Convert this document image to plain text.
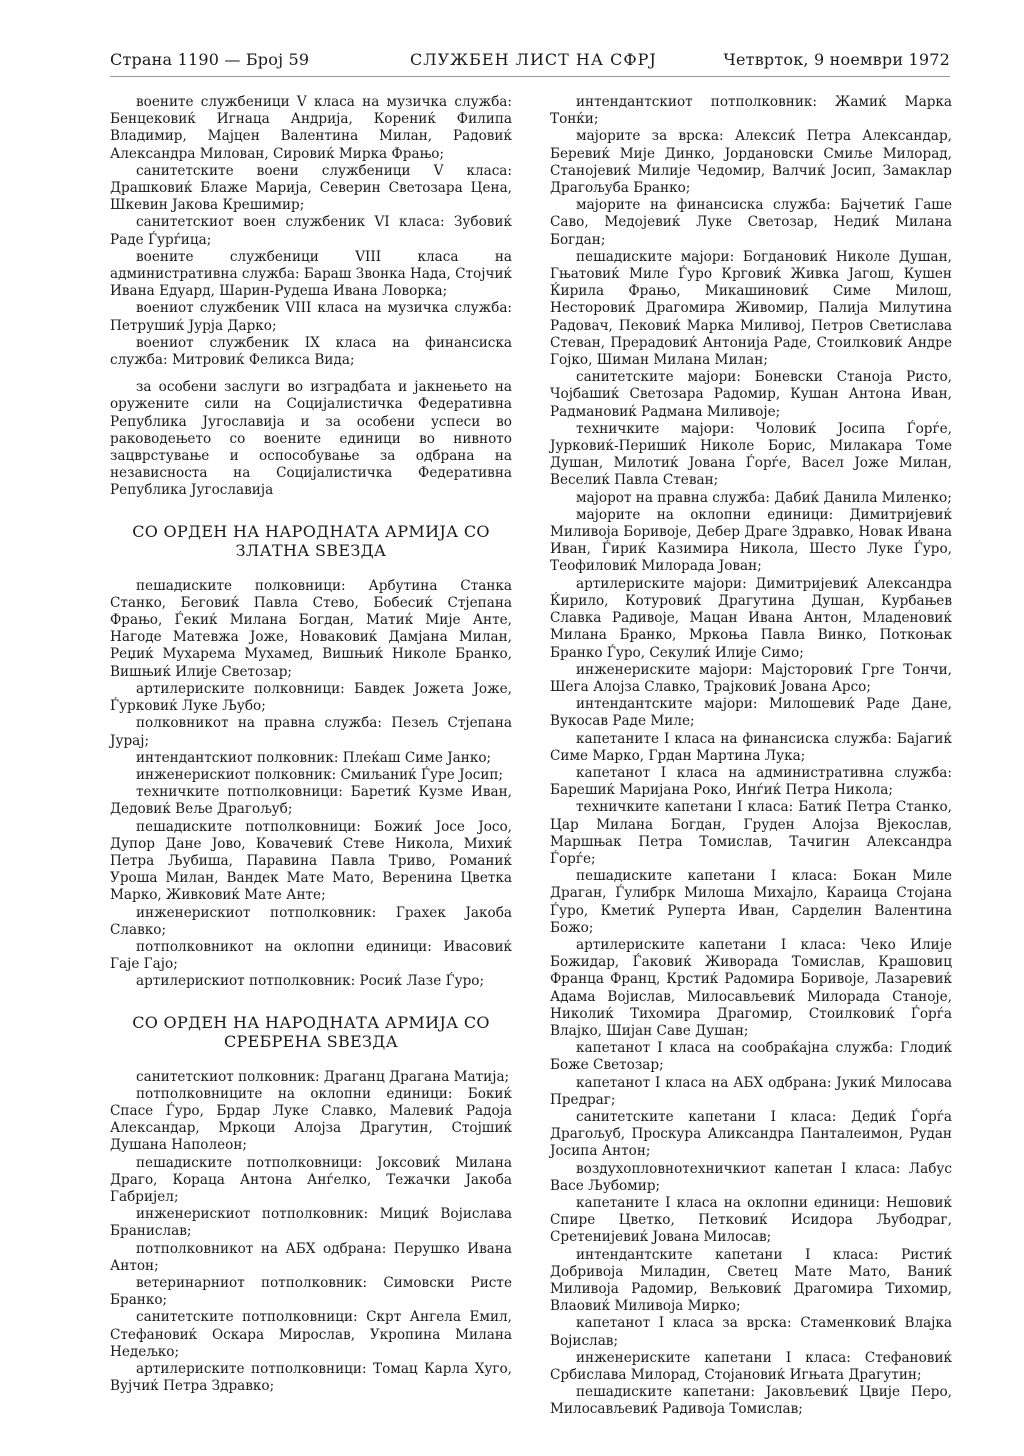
Страна 1190 — Број 59	СЛУЖБЕН ЛИСТ НА СФРЈ	Четврток, 9 ноември 1972

воените службеници V класа на музичка служба: Бенцековиќ Игнаца Андрија, Корениќ Филипа Владимир, Мајцен Валентина Милан, Радовиќ Александра Милован, Сировиќ Мирка Фрањо;

санитетските воени службеници V класа: Драшковиќ Блаже Марија, Северин Светозара Цена, Шкевин Јакова Крешимир;

санитетскиот воен службеник VI класа: Зубовиќ Раде Ѓурѓица;

воените службеници VIII класа на административна служба: Бараш Звонка Нада, Стојчиќ Ивана Едуард, Шарин-Рудеша Ивана Ловорка;

воениот службеник VIII класа на музичка служба: Петрушиќ Јурја Дарко;

воениот службеник IX класа на финансиска служба: Митровиќ Феликса Вида;

за особени заслуги во изградбата и јакнењето на оружените сили на Социјалистичка Федеративна Република Југославија и за особени успеси во раководењето со воените единици во нивното зацврстување и оспособување за одбрана на независноста на Социјалистичка Федеративна Република Југославија

СО ОРДЕН НА НАРОДНАТА АРМИЈА СО ЗЛАТНА ЅВЕЗДА

пешадиските полковници: Арбутина Станка Станко, Беговиќ Павла Стево, Бобесиќ Стјепана Фрањо, Ѓекиќ Милана Богдан, Матиќ Мије Анте, Нагоде Матевжа Јоже, Новаковиќ Дамјана Милан, Реџиќ Мухарема Мухамед, Вишњиќ Николе Бранко, Вишњиќ Илије Светозар;

артилериските полковници: Бавдек Јожета Јоже, Ѓурковиќ Луке Љубо;

полковникот на правна служба: Пезељ Стјепана Јурај;

интендантскиот полковник: Плеќаш Симе Јанко;

инженерискиот полковник: Смиљаниќ Ѓуре Јосип;

техничките потполковници: Баретиќ Кузме Иван, Дедовиќ Веље Драгољуб;

пешадиските потполковници: Божиќ Јосе Јосо, Дупор Дане Јово, Ковачевиќ Стеве Никола, Михиќ Петра Љубиша, Паравина Павла Триво, Романиќ Уроша Милан, Вандек Мате Мато, Веренина Цветка Марко, Живковиќ Мате Анте;

инженерискиот потполковник: Грахек Јакоба Славко;

потполковникот на оклопни единици: Ивасовиќ Гаје Гајо;

артилерискиот потполковник: Росиќ Лазе Ѓуро;

СО ОРДЕН НА НАРОДНАТА АРМИЈА СО СРЕБРЕНА ЅВЕЗДА

санитетскиот полковник: Драганц Драгана Матија;

потполковниците на оклопни единици: Бокиќ Спасе Ѓуро, Брдар Луке Славко, Малевиќ Радоја Александар, Мркоци Алојза Драгутин, Стојшиќ Душана Наполеон;

пешадиските потполковници: Јоксовиќ Милана Драго, Кораца Антона Анѓелко, Тежачки Јакоба Габријел;

инженерискиот потполковник: Мициќ Војислава Бранислав;

потполковникот на АБХ одбрана: Перушко Ивана Антон;

ветеринарниот потполковник: Симовски Ристе Бранко;

санитетските потполковници: Скрт Ангела Емил, Стефановиќ Оскара Мирослав, Укропина Милана Недељко;

артилериските потполковници: Томац Карла Хуго, Вујчиќ Петра Здравко;

интендантскиот потполковник: Жамиќ Марка Тонќи;

мајорите за врска: Алексиќ Петра Александар, Беревиќ Мије Динко, Јордановски Смиље Милорад, Станојевиќ Милије Чедомир, Валчиќ Јосип, Замаклар Драгољуба Бранко;

мајорите на финансиска служба: Бајчетиќ Гаше Саво, Медојевиќ Луке Светозар, Недиќ Милана Богдан;

пешадиските мајори: Богдановиќ Николе Душан, Гњатовиќ Миле Ѓуро Крговиќ Живка Јагош, Кушен Ќирила Фрањо, Микашиновиќ Симе Милош, Несторовиќ Драгомира Живомир, Палија Милутина Радовач, Пековиќ Марка Миливој, Петров Светислава Стеван, Прерадовиќ Антонија Раде, Стоилковиќ Андре Гојко, Шиман Милана Милан;

санитетските мајори: Боневски Станоја Ристо, Чојбашиќ Светозара Радомир, Кушан Антона Иван, Радмановиќ Радмана Миливоје;

техничките мајори: Чоловиќ Јосипа Ѓорѓе, Јурковиќ-Перишиќ Николе Борис, Милакара Томе Душан, Милотиќ Јована Ѓорѓе, Васел Јоже Милан, Веселиќ Павла Стеван;

мајорот на правна служба: Дабиќ Данила Миленко;

мајорите на оклопни единици: Димитријевиќ Миливоја Боривоје, Дебер Драге Здравко, Новак Ивана Иван, Ѓириќ Казимира Никола, Шесто Луке Ѓуро, Теофиловиќ Милорада Јован;

артилериските мајори: Димитријевиќ Александра Ќирило, Котуровиќ Драгутина Душан, Курбањев Славка Радивоје, Мацан Ивана Антон, Младеновиќ Милана Бранко, Мркоња Павла Винко, Поткоњак Бранко Ѓуро, Секулиќ Илије Симо;

инженериските мајори: Мајсторовиќ Грге Тончи, Шега Алојза Славко, Трајковиќ Јована Арсо;

интендантските мајори: Милошевиќ Раде Дане, Вукосав Раде Миле;

капетаните I класа на финансиска служба: Бајагиќ Симе Марко, Грдан Мартина Лука;

капетанот I класа на административна служба: Барешиќ Маријана Роко, Инѓиќ Петра Никола;

техничките капетани I класа: Батиќ Петра Станко, Цар Милана Богдан, Груден Алојза Вјекослав, Маршњак Петра Томислав, Тачигин Александра Ѓорѓе;

пешадиските капетани I класа: Бокан Миле Драган, Ѓулибрк Милоша Михајло, Караица Стојана Ѓуро, Кметиќ Руперта Иван, Сарделин Валентина Божо;

артилериските капетани I класа: Чеко Илије Божидар, Ѓаковиќ Живорада Томислав, Крашовиц Франца Франц, Крстиќ Радомира Боривоје, Лазаревиќ Адама Војислав, Милосављевиќ Милорада Станоје, Николиќ Тихомира Драгомир, Стоилковиќ Ѓорѓа Влајко, Шијан Саве Душан;

капетанот I класа на сообраќајна служба: Глодиќ Боже Светозар;

капетанот I класа на АБХ одбрана: Јукиќ Милосава Предраг;

санитетските капетани I класа: Дедиќ Ѓорѓа Драгољуб, Проскура Аликсандра Панталеимон, Рудан Јосипа Антон;

воздухопловнотехничкиот капетан I класа: Лабус Васе Љубомир;

капетаните I класа на оклопни единици: Нешовиќ Спире Цветко, Петковиќ Исидора Љубодраг, Сретенијевиќ Јована Милосав;

интендантските капетани I класа: Ристиќ Добривоја Миладин, Светец Мате Мато, Ваниќ Миливоја Радомир, Вељковиќ Драгомира Тихомир, Влаовиќ Миливоја Мирко;

капетанот I класа за врска: Стаменковиќ Влајка Војислав;

инженериските капетани I класа: Стефановиќ Србислава Милорад, Стојановиќ Игњата Драгутин;

пешадиските капетани: Јаковљевиќ Цвијe Перо, Милосављевиќ Радивоја Томислав;
